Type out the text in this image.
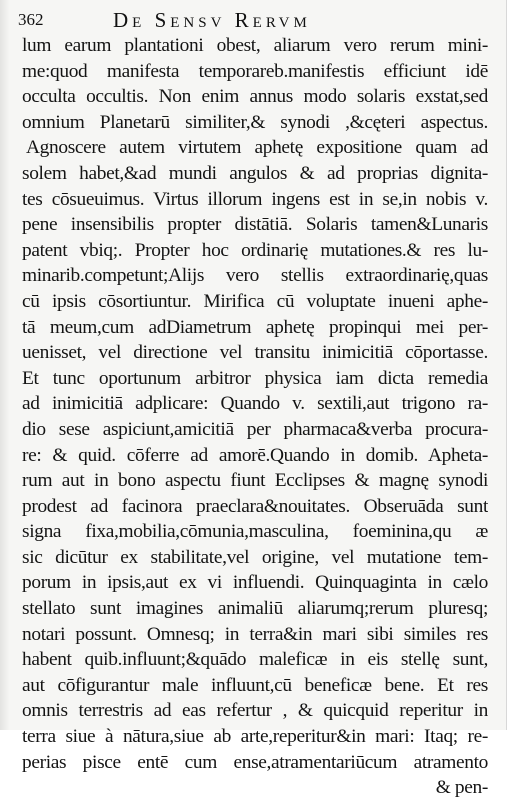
362	De Sensv Rervm
lum earum plantationi obest, aliarum vero rerum mini-
me:quod manifesta temporareb.manifestis efficiunt idē
occulta occultis. Non enim annus modo solaris exstat,sed
omnium Planetarū similiter,& synodi ,&cęteri aspectus.
Agnoscere autem virtutem aphetę expositione quam ad
solem habet,&ad mundi angulos & ad proprias dignita-
tes cōsueuimus. Virtus illorum ingens est in se,in nobis v.
pene insensibilis propter distātiā. Solaris tamen&Lunaris
patent vbiq;. Propter hoc ordinarię mutationes.& res lu-
minarib.competunt;Alijs vero stellis extraordinarię,quas
cū ipsis cōsortiuntur. Mirifica cū voluptate inueni aphe-
tā meum,cum adDiametrum aphetę propinqui mei per-
uenisset, vel directione vel transitu inimicitiā cōportasse.
Et tunc oportunum arbitror physica iam dicta remedia
ad inimicitiā adplicare: Quando v. sextili,aut trigono ra-
dio sese aspiciunt,amicitiā per pharmaca&verba procura-
re: & quid. cōferre ad amorē.Quando in domib. Apheta-
rum aut in bono aspectu fiunt Ecclipses & magnę synodi
prodest ad facinora praeclara&nouitates. Obseruāda sunt
signa fixa,mobilia,cōmunia,masculina, foeminina,qu æ
sic dicūtur ex stabilitate,vel origine, vel mutatione tem-
porum in ipsis,aut ex vi influendi. Quinquaginta in cælo
stellato sunt imagines animaliū aliarumq;rerum pluresq;
notari possunt. Omnesq; in terra&in mari sibi similes res
habent quib.influunt;&quādo maleficæ in eis stellę sunt,
aut cōfigurantur male influunt,cū beneficæ bene. Et res
omnis terrestris ad eas refertur , & quicquid reperitur in
terra siue à nātura,siue ab arte,reperitur&in mari: Itaq; re-
perias pisce entē cum ense,atramentariūcum atramento
& pen-
